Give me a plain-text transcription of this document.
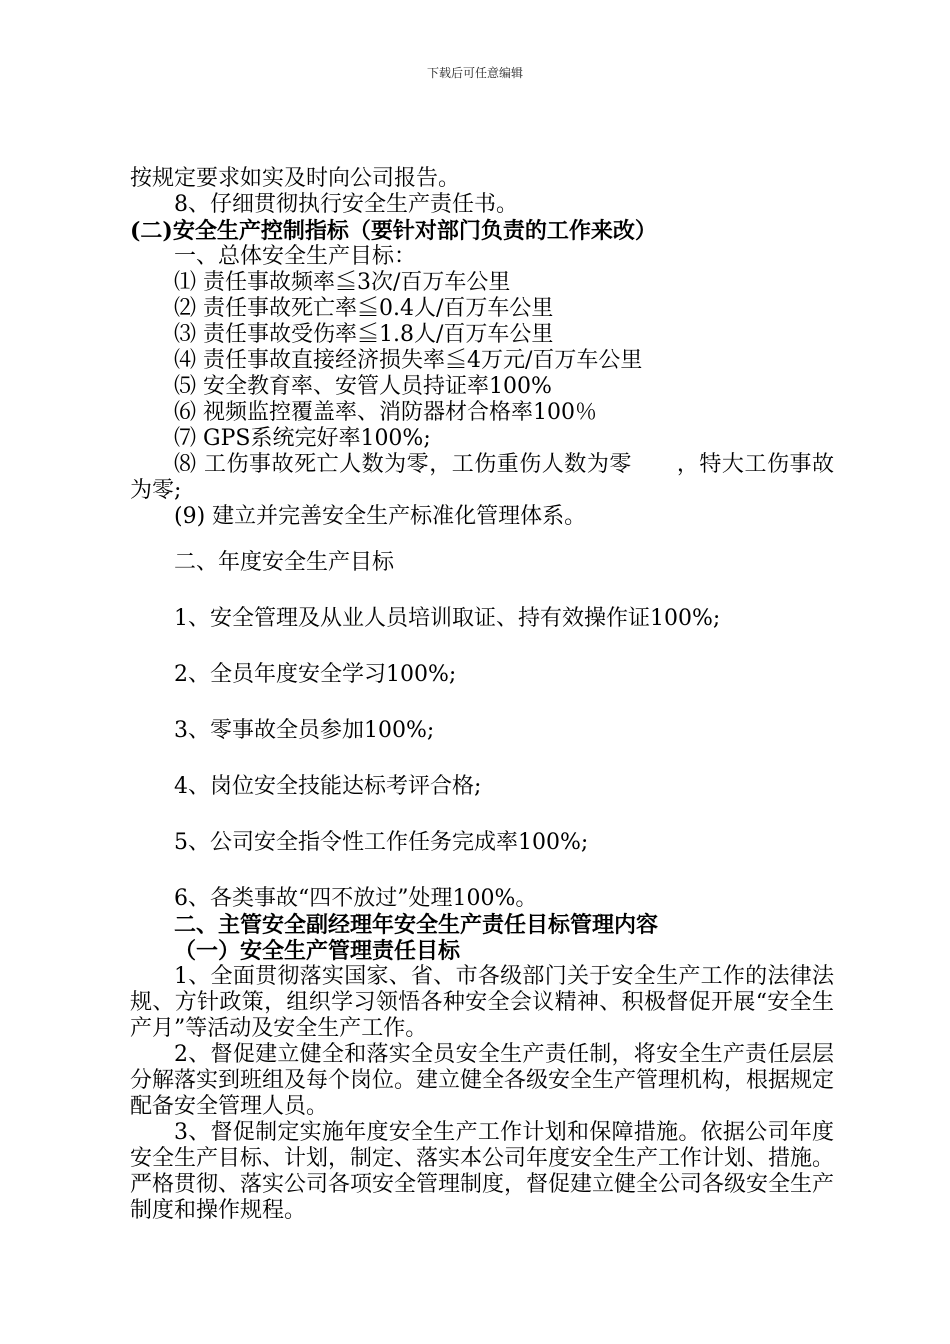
下载后可任意编辑

按规定要求如实及时向公司报告。

8、仔细贯彻执行安全生产责任书。

(二)安全生产控制指标（要针对部门负责的工作来改）

一、总体安全生产目标：

⑴ 责任事故频率≦3次/百万车公里

⑵ 责任事故死亡率≦0.4人/百万车公里

⑶ 责任事故受伤率≦1.8人/百万车公里

⑷ 责任事故直接经济损失率≦4万元/百万车公里

⑸ 安全教育率、安管人员持证率100%

⑹ 视频监控覆盖率、消防器材合格率100％

⑺ GPS系统完好率100%;

⑻ 工伤事故死亡人数为零，工伤重伤人数为零　　，特大工伤事故为零;

(9) 建立并完善安全生产标准化管理体系。

二、年度安全生产目标

1、安全管理及从业人员培训取证、持有效操作证100%;

2、全员年度安全学习100%;

3、零事故全员参加100%;

4、岗位安全技能达标考评合格;

5、公司安全指令性工作任务完成率100%;

6、各类事故“四不放过”处理100%。

二、主管安全副经理年安全生产责任目标管理内容

（一）安全生产管理责任目标

1、全面贯彻落实国家、省、市各级部门关于安全生产工作的法律法规、方针政策，组织学习领悟各种安全会议精神、积极督促开展“安全生产月”等活动及安全生产工作。

2、督促建立健全和落实全员安全生产责任制，将安全生产责任层层分解落实到班组及每个岗位。建立健全各级安全生产管理机构，根据规定配备安全管理人员。

3、督促制定实施年度安全生产工作计划和保障措施。依据公司年度安全生产目标、计划，制定、落实本公司年度安全生产工作计划、措施。严格贯彻、落实公司各项安全管理制度，督促建立健全公司各级安全生产制度和操作规程。
